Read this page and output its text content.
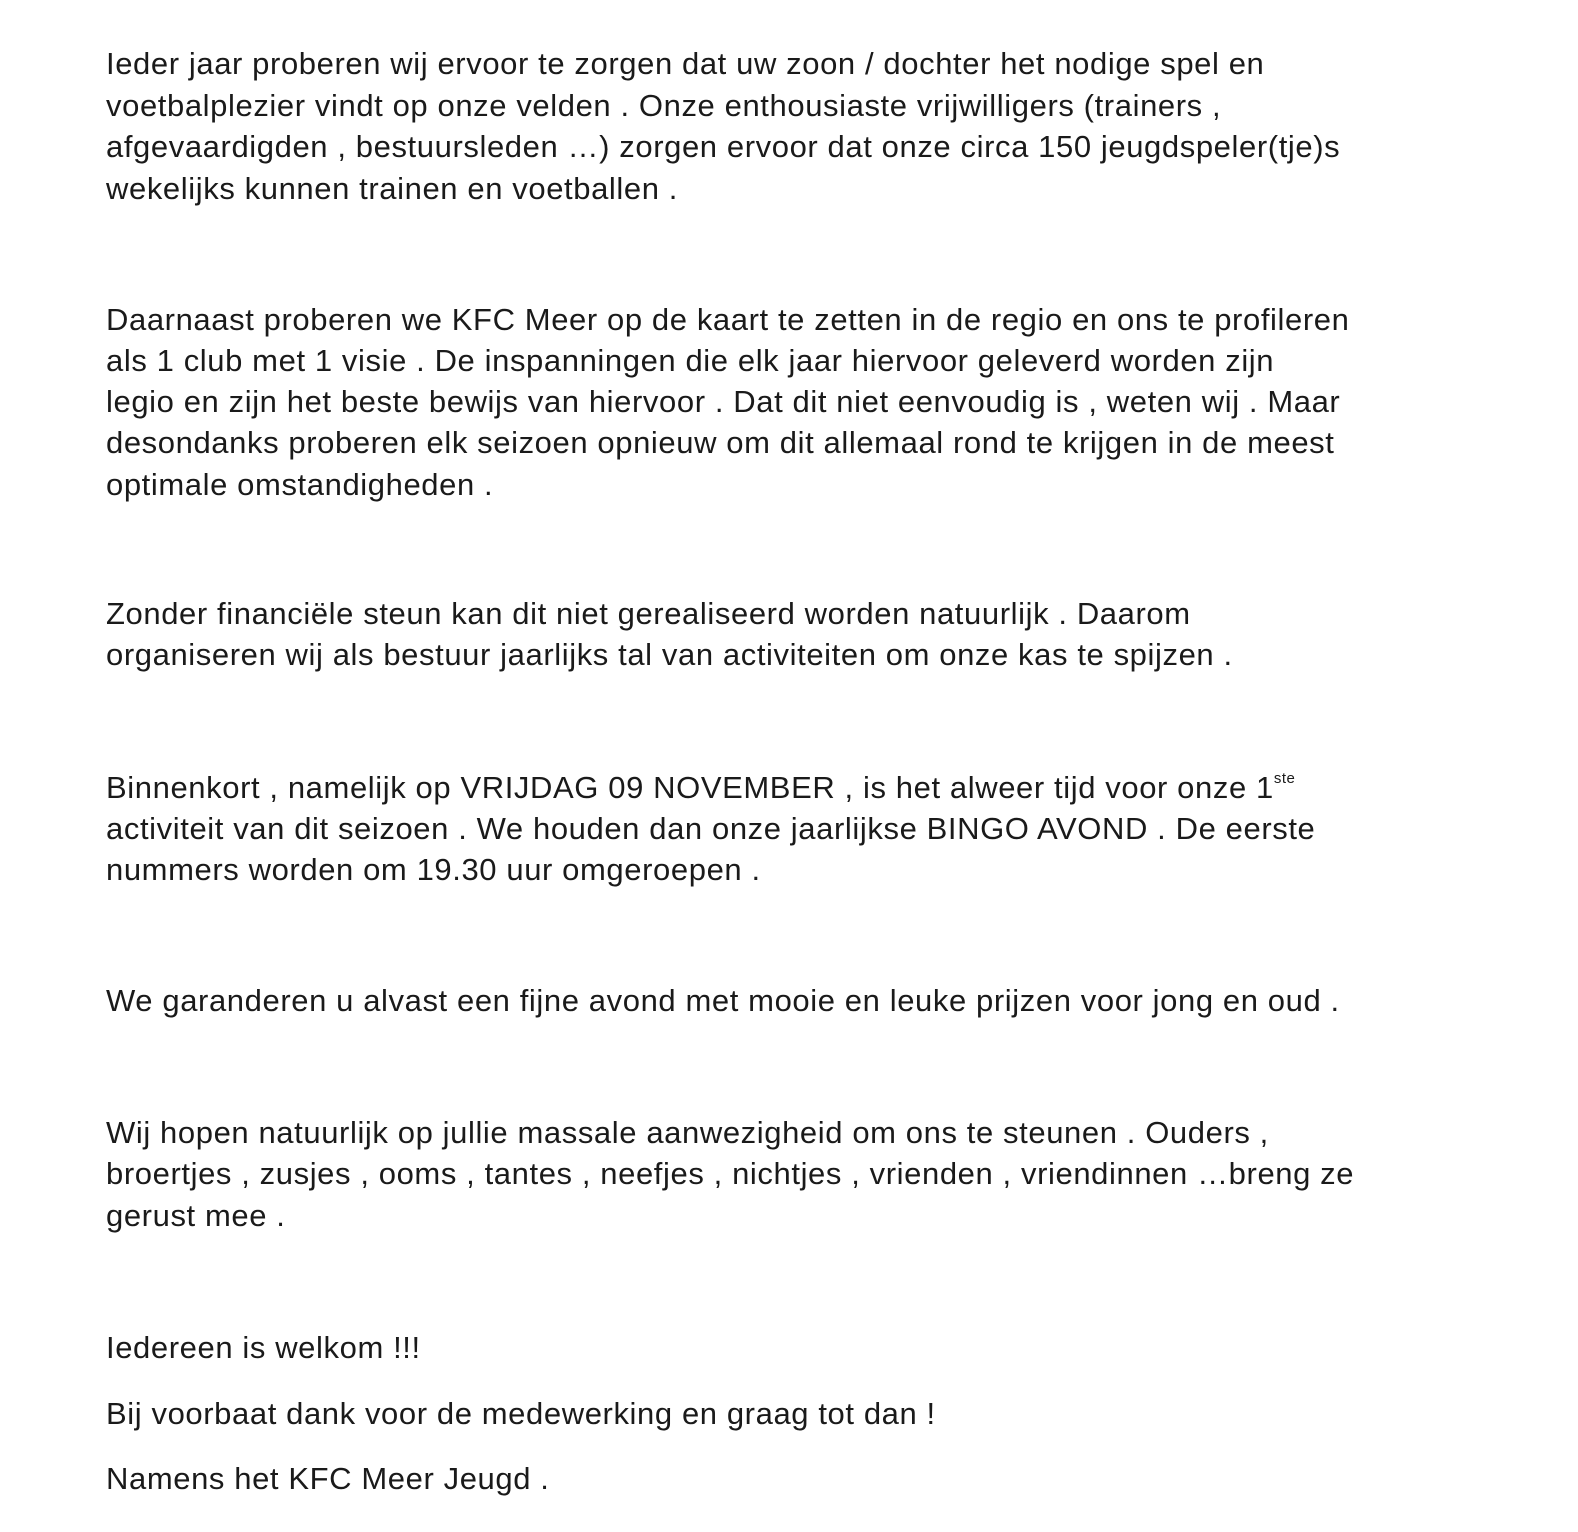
Ieder jaar proberen wij ervoor te zorgen dat uw zoon / dochter het nodige spel en
voetbalplezier vindt op onze velden . Onze enthousiaste vrijwilligers (trainers ,
afgevaardigden , bestuursleden …) zorgen ervoor dat onze circa 150 jeugdspeler(tje)s
wekelijks kunnen trainen en voetballen .
Daarnaast proberen we KFC Meer op de kaart te zetten in de regio en ons te profileren
als 1 club met 1 visie . De inspanningen die elk jaar hiervoor geleverd worden zijn
legio en zijn het beste bewijs van hiervoor . Dat dit niet eenvoudig is , weten wij . Maar
desondanks proberen elk seizoen opnieuw om dit allemaal rond te krijgen in de meest
optimale omstandigheden .
Zonder financiële steun kan dit niet gerealiseerd worden natuurlijk . Daarom
organiseren wij als bestuur jaarlijks tal van activiteiten om onze kas te spijzen .
Binnenkort , namelijk op VRIJDAG 09 NOVEMBER , is het alweer tijd voor onze 1ste
activiteit van dit seizoen . We houden dan onze jaarlijkse BINGO AVOND . De eerste
nummers worden om 19.30 uur omgeroepen .
We garanderen u alvast een fijne avond met mooie en leuke prijzen voor jong en oud .
Wij hopen natuurlijk op jullie massale aanwezigheid om ons te steunen . Ouders ,
broertjes , zusjes , ooms , tantes , neefjes , nichtjes , vrienden , vriendinnen …breng ze
gerust mee .
Iedereen is welkom !!!
Bij voorbaat dank voor de medewerking en graag tot dan !
Namens het KFC Meer Jeugd .
